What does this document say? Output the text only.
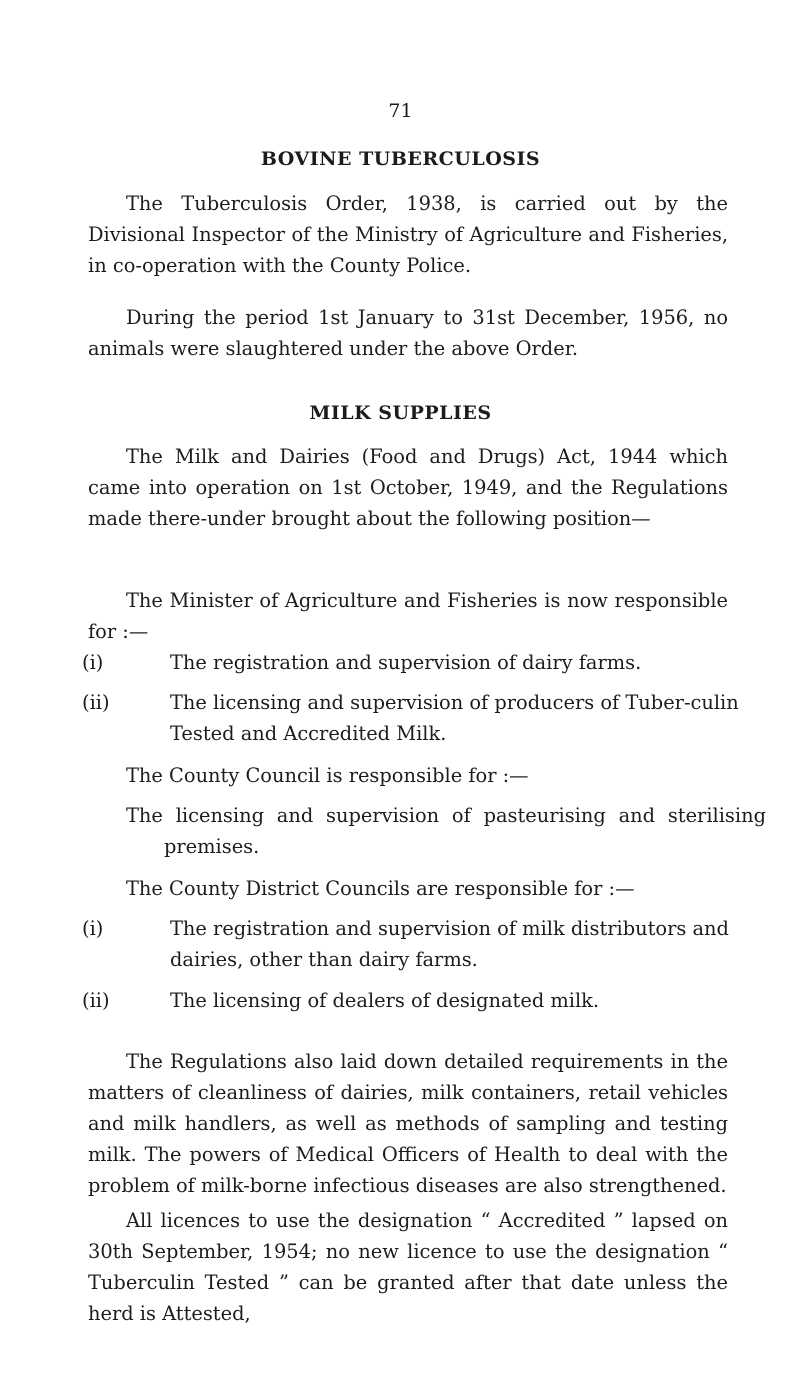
71
BOVINE TUBERCULOSIS

The Tuberculosis Order, 1938, is carried out by the Divisional Inspector of the Ministry of Agriculture and Fisheries, in co-operation with the County Police.

During the period 1st January to 31st December, 1956, no animals were slaughtered under the above Order.

MILK SUPPLIES

The Milk and Dairies (Food and Drugs) Act, 1944 which came into operation on 1st October, 1949, and the Regulations made there-under brought about the following position—

The Minister of Agriculture and Fisheries is now responsible for :—

(i)	The registration and supervision of dairy farms.
(ii)	The licensing and supervision of producers of Tuber-culin Tested and Accredited Milk.

The County Council is responsible for :—

The licensing and supervision of pasteurising and sterilising premises.

The County District Councils are responsible for :—

(i)	The registration and supervision of milk distributors and dairies, other than dairy farms.
(ii)	The licensing of dealers of designated milk.

The Regulations also laid down detailed requirements in the matters of cleanliness of dairies, milk containers, retail vehicles and milk handlers, as well as methods of sampling and testing milk. The powers of Medical Officers of Health to deal with the problem of milk-borne infectious diseases are also strengthened.

All licences to use the designation “ Accredited ” lapsed on 30th September, 1954; no new licence to use the designation “ Tuberculin Tested ” can be granted after that date unless the herd is Attested,
